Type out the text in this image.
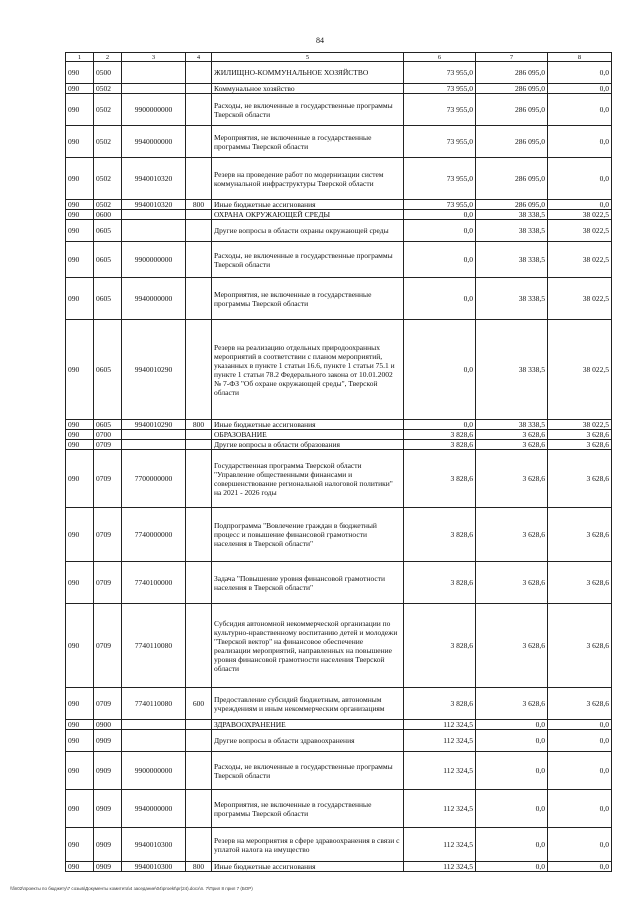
84
1	2	3	4	5	6	7	8
090	0500			ЖИЛИЩНО-КОММУНАЛЬНОЕ ХОЗЯЙСТВО	73 955,0	286 095,0	0,0
090	0502			Коммунальное хозяйство	73 955,0	286 095,0	0,0
090	0502	9900000000		Расходы, не включенные в государственные программы Тверской области	73 955,0	286 095,0	0,0
090	0502	9940000000		Мероприятия, не включенные в государственные программы Тверской области	73 955,0	286 095,0	0,0
090	0502	9940010320		Резерв на проведение работ по модернизации систем коммунальной инфраструктуры Тверской области	73 955,0	286 095,0	0,0
090	0502	9940010320	800	Иные бюджетные ассигнования	73 955,0	286 095,0	0,0
090	0600			ОХРАНА ОКРУЖАЮЩЕЙ СРЕДЫ	0,0	38 338,5	38 022,5
090	0605			Другие вопросы в области охраны окружающей среды	0,0	38 338,5	38 022,5
090	0605	9900000000		Расходы, не включенные в государственные программы Тверской области	0,0	38 338,5	38 022,5
090	0605	9940000000		Мероприятия, не включенные в государственные программы Тверской области	0,0	38 338,5	38 022,5
090	0605	9940010290		Резерв на реализацию отдельных природоохранных мероприятий в соответствии с планом мероприятий, указанных в пункте 1 статьи 16.6, пункте 1 статьи 75.1 и пункте 1 статьи 78.2 Федерального закона от 10.01.2002 № 7-ФЗ "Об охране окружающей среды", Тверской области	0,0	38 338,5	38 022,5
090	0605	9940010290	800	Иные бюджетные ассигнования	0,0	38 338,5	38 022,5
090	0700			ОБРАЗОВАНИЕ	3 828,6	3 628,6	3 628,6
090	0709			Другие вопросы в области образования	3 828,6	3 628,6	3 628,6
090	0709	7700000000		Государственная программа Тверской области "Управление общественными финансами и совершенствование региональной налоговой политики" на 2021 - 2026 годы	3 828,6	3 628,6	3 628,6
090	0709	7740000000		Подпрограмма "Вовлечение граждан в бюджетный процесс и повышение финансовой грамотности населения в Тверской области"	3 828,6	3 628,6	3 628,6
090	0709	7740100000		Задача "Повышение уровня финансовой грамотности населения в Тверской области"	3 828,6	3 628,6	3 628,6
090	0709	7740110080		Субсидия автономной некоммерческой организации по культурно-нравственному воспитанию детей и молодежи "Тверской вектор" на финансовое обеспечение реализации мероприятий, направленных на повышение уровня финансовой грамотности населения Тверской области	3 828,6	3 628,6	3 628,6
090	0709	7740110080	600	Предоставление субсидий бюджетным, автономным учреждениям и иным некоммерческим организациям	3 828,6	3 628,6	3 628,6
090	0900			ЗДРАВООХРАНЕНИЕ	112 324,5	0,0	0,0
090	0909			Другие вопросы в области здравоохранения	112 324,5	0,0	0,0
090	0909	9900000000		Расходы, не включенные в государственные программы Тверской области	112 324,5	0,0	0,0
090	0909	9940000000		Мероприятия, не включенные в государственные программы Тверской области	112 324,5	0,0	0,0
090	0909	9940010300		Резерв на мероприятия в сфере здравоохранения в связи с уплатой налога на имущество	112 324,5	0,0	0,0
090	0909	9940010300	800	Иные бюджетные ассигнования	112 324,5	0,0	0,0
\\fin02\проекты по бюджету\7 созыв\Документы комитета\4 заседание\04\proekt\pr(24).docx\п. 7\Прил 8 прил 7 (БОР)
